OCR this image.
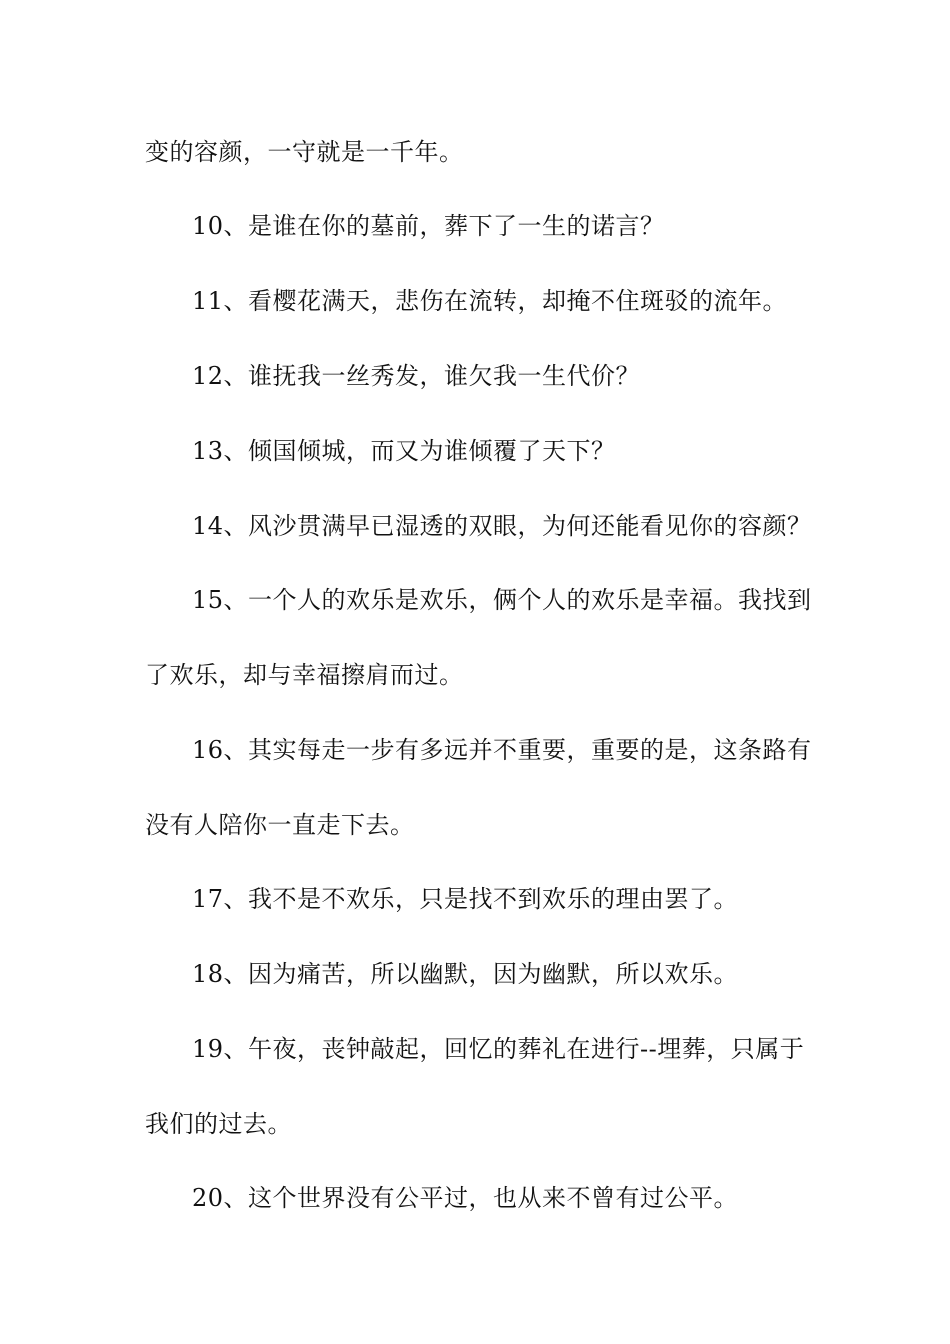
变的容颜，一守就是一千年。
10、是谁在你的墓前，葬下了一生的诺言？
11、看樱花满天，悲伤在流转，却掩不住斑驳的流年。
12、谁抚我一丝秀发，谁欠我一生代价？
13、倾国倾城，而又为谁倾覆了天下？
14、风沙贯满早已湿透的双眼，为何还能看见你的容颜？
15、一个人的欢乐是欢乐，俩个人的欢乐是幸福。我找到
了欢乐，却与幸福擦肩而过。
16、其实每走一步有多远并不重要，重要的是，这条路有
没有人陪你一直走下去。
17、我不是不欢乐，只是找不到欢乐的理由罢了。
18、因为痛苦，所以幽默，因为幽默，所以欢乐。
19、午夜，丧钟敲起，回忆的葬礼在进行--埋葬，只属于
我们的过去。
20、这个世界没有公平过，也从来不曾有过公平。
